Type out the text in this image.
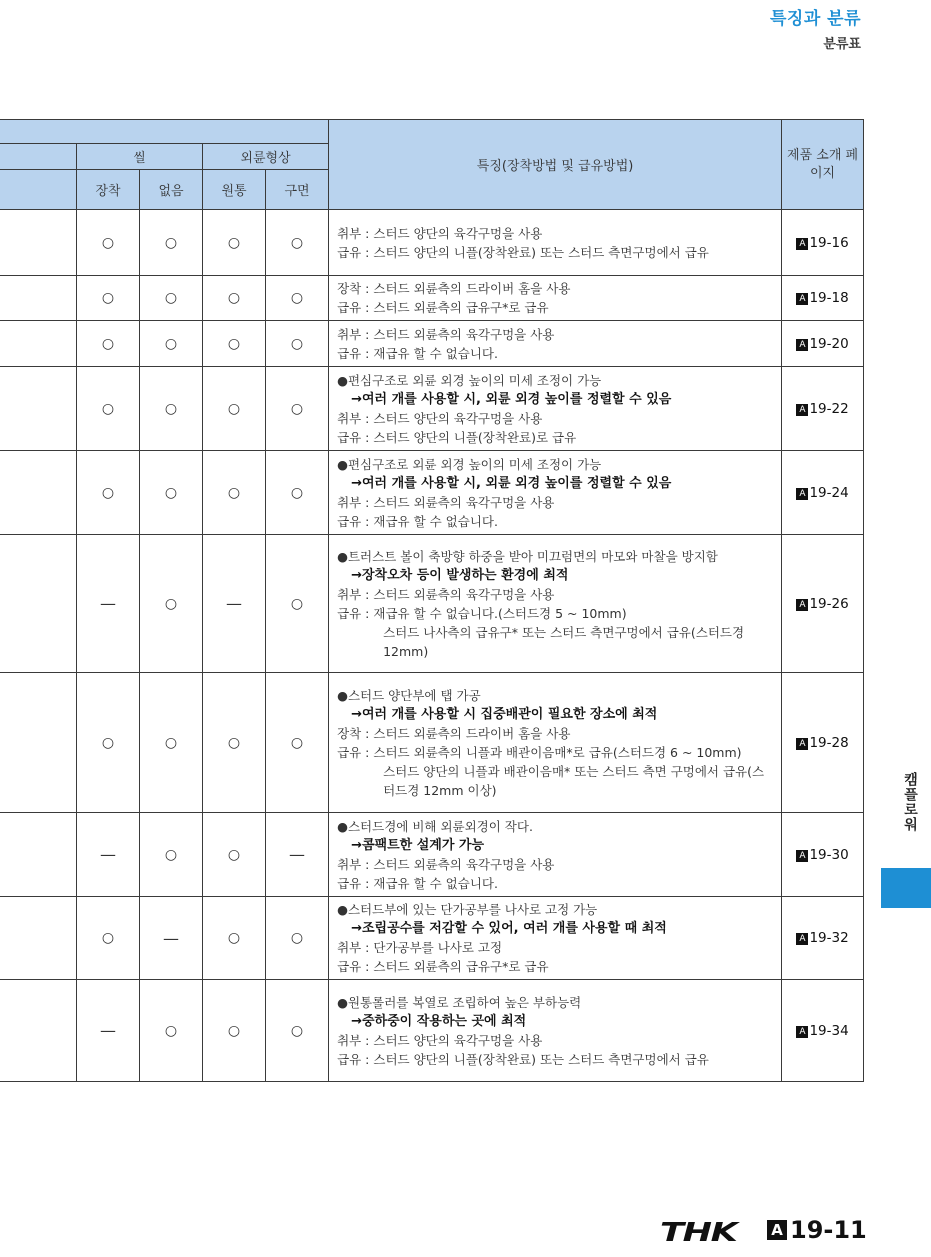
특징과 분류
분류표
					특징(장착방법 및 급유방법)	제품 소개 페이지
	씰		외륜형상			
	장착	없음	원통	구면		
	○	○	○	○	취부 : 스터드 양단의 육각구멍을 사용
급유 : 스터드 양단의 니플(장착완료) 또는 스터드 측면구멍에서 급유	A 19-16
	○	○	○	○	장착 : 스터드 외륜측의 드라이버 홈을 사용
급유 : 스터드 외륜측의 급유구*로 급유	A 19-18
	○	○	○	○	취부 : 스터드 외륜측의 육각구멍을 사용
급유 : 재급유 할 수 없습니다.	A 19-20
	○	○	○	○	●편심구조로 외륜 외경 높이의 미세 조정이 가능
→여러 개를 사용할 시, 외륜 외경 높이를 정렬할 수 있음
취부 : 스터드 양단의 육각구멍을 사용
급유 : 스터드 양단의 니플(장착완료)로 급유	A 19-22
	○	○	○	○	●편심구조로 외륜 외경 높이의 미세 조정이 가능
→여러 개를 사용할 시, 외륜 외경 높이를 정렬할 수 있음
취부 : 스터드 외륜측의 육각구멍을 사용
급유 : 재급유 할 수 없습니다.	A 19-24
	—	○	—	○	●트러스트 볼이 축방향 하중을 받아 미끄럼면의 마모와 마찰을 방지함
→장착오차 등이 발생하는 환경에 최적
취부 : 스터드 외륜측의 육각구멍을 사용
급유 : 재급유 할 수 없습니다.(스터드경 5 ~ 10mm)
스터드 나사측의 급유구* 또는 스터드 측면구멍에서 급유(스터드경 12mm)	A 19-26
	○	○	○	○	●스터드 양단부에 탭 가공
→여러 개를 사용할 시 집중배관이 필요한 장소에 최적
장착 : 스터드 외륜측의 드라이버 홈을 사용
급유 : 스터드 외륜측의 니플과 배관이음매*로 급유(스터드경 6 ~ 10mm)
스터드 양단의 니플과 배관이음매* 또는 스터드 측면 구멍에서 급유(스터드경 12mm 이상)	A 19-28
	—	○	○	—	●스터드경에 비해 외륜외경이 작다.
→콤팩트한 설계가 가능
취부 : 스터드 외륜측의 육각구멍을 사용
급유 : 재급유 할 수 없습니다.	A 19-30
	○	—	○	○	●스터드부에 있는 단가공부를 나사로 고정 가능
→조립공수를 저감할 수 있어, 여러 개를 사용할 때 최적
취부 : 단가공부를 나사로 고정
급유 : 스터드 외륜측의 급유구*로 급유	A 19-32
	—	○	○	○	●원통롤러를 복열로 조립하여 높은 부하능력
→중하중이 작용하는 곳에 최적
취부 : 스터드 양단의 육각구멍을 사용
급유 : 스터드 양단의 니플(장착완료) 또는 스터드 측면구멍에서 급유	A 19-34
캠플로워
THK A 19-11
